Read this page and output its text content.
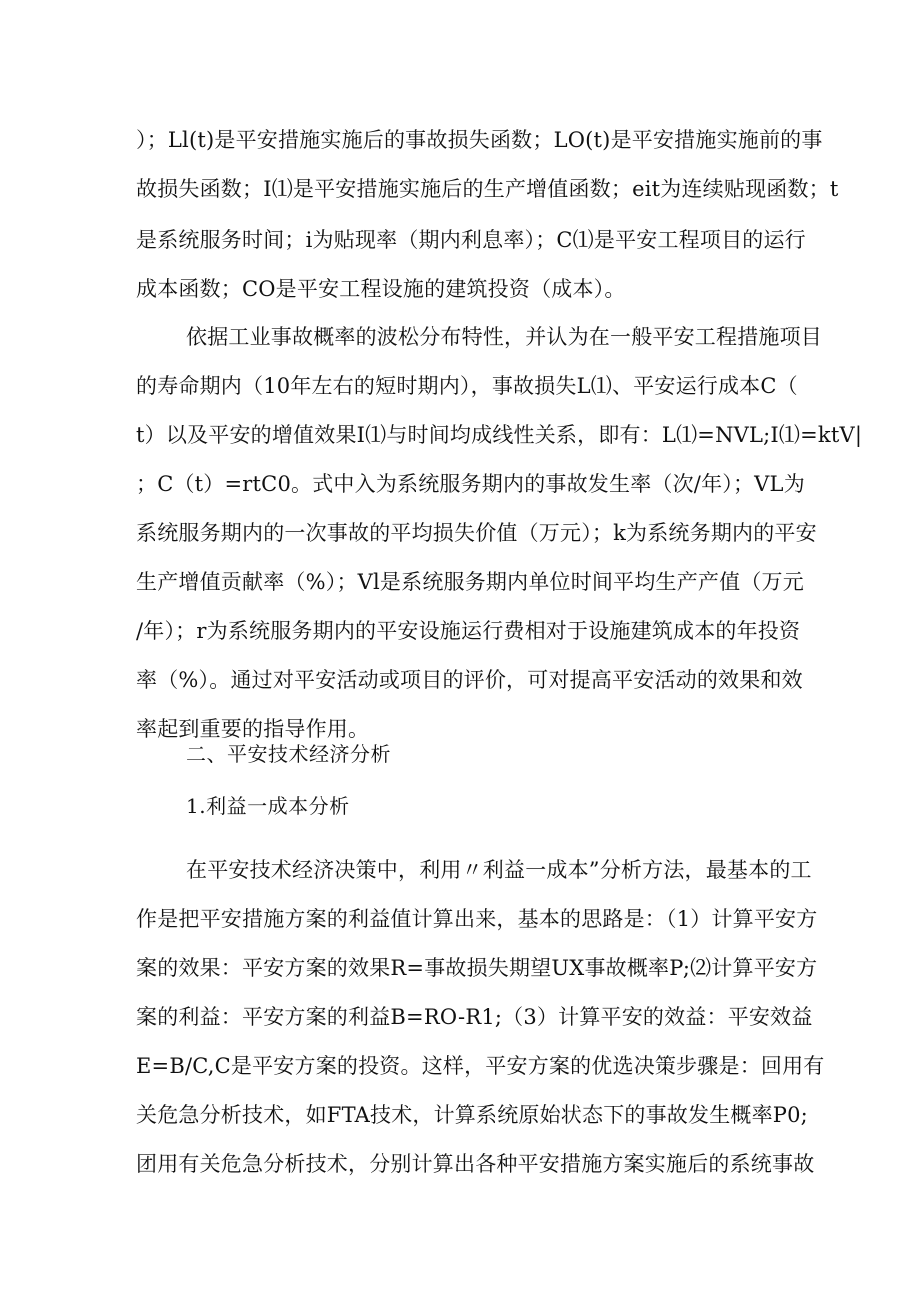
）；Ll(t)是平安措施实施后的事故损失函数；LO(t)是平安措施实施前的事
故损失函数；I⑴是平安措施实施后的生产增值函数；eit为连续贴现函数；t
是系统服务时间；i为贴现率（期内利息率）；C⑴是平安工程项目的运行
成本函数；CO是平安工程设施的建筑投资（成本）。
依据工业事故概率的波松分布特性，并认为在一般平安工程措施项目
的寿命期内（10年左右的短时期内），事故损失L⑴、平安运行成本C（
t）以及平安的增值效果I⑴与时间均成线性关系，即有：L⑴=NVL;I⑴=ktV|
；C（t）=rtC0。式中入为系统服务期内的事故发生率（次/年）；VL为
系统服务期内的一次事故的平均损失价值（万元）；k为系统务期内的平安
生产增值贡献率（%）；Vl是系统服务期内单位时间平均生产产值（万元
/年）；r为系统服务期内的平安设施运行费相对于设施建筑成本的年投资
率（%）。通过对平安活动或项目的评价，可对提高平安活动的效果和效
率起到重要的指导作用。
二、平安技术经济分析
1.利益一成本分析
在平安技术经济决策中，利用〃利益一成本”分析方法，最基本的工
作是把平安措施方案的利益值计算出来，基本的思路是：（1）计算平安方
案的效果：平安方案的效果R=事故损失期望UX事故概率P;⑵计算平安方
案的利益：平安方案的利益B=RO-R1;（3）计算平安的效益：平安效益
E=B/C,C是平安方案的投资。这样，平安方案的优选决策步骤是：回用有
关危急分析技术，如FTA技术，计算系统原始状态下的事故发生概率P0;
团用有关危急分析技术，分别计算出各种平安措施方案实施后的系统事故
